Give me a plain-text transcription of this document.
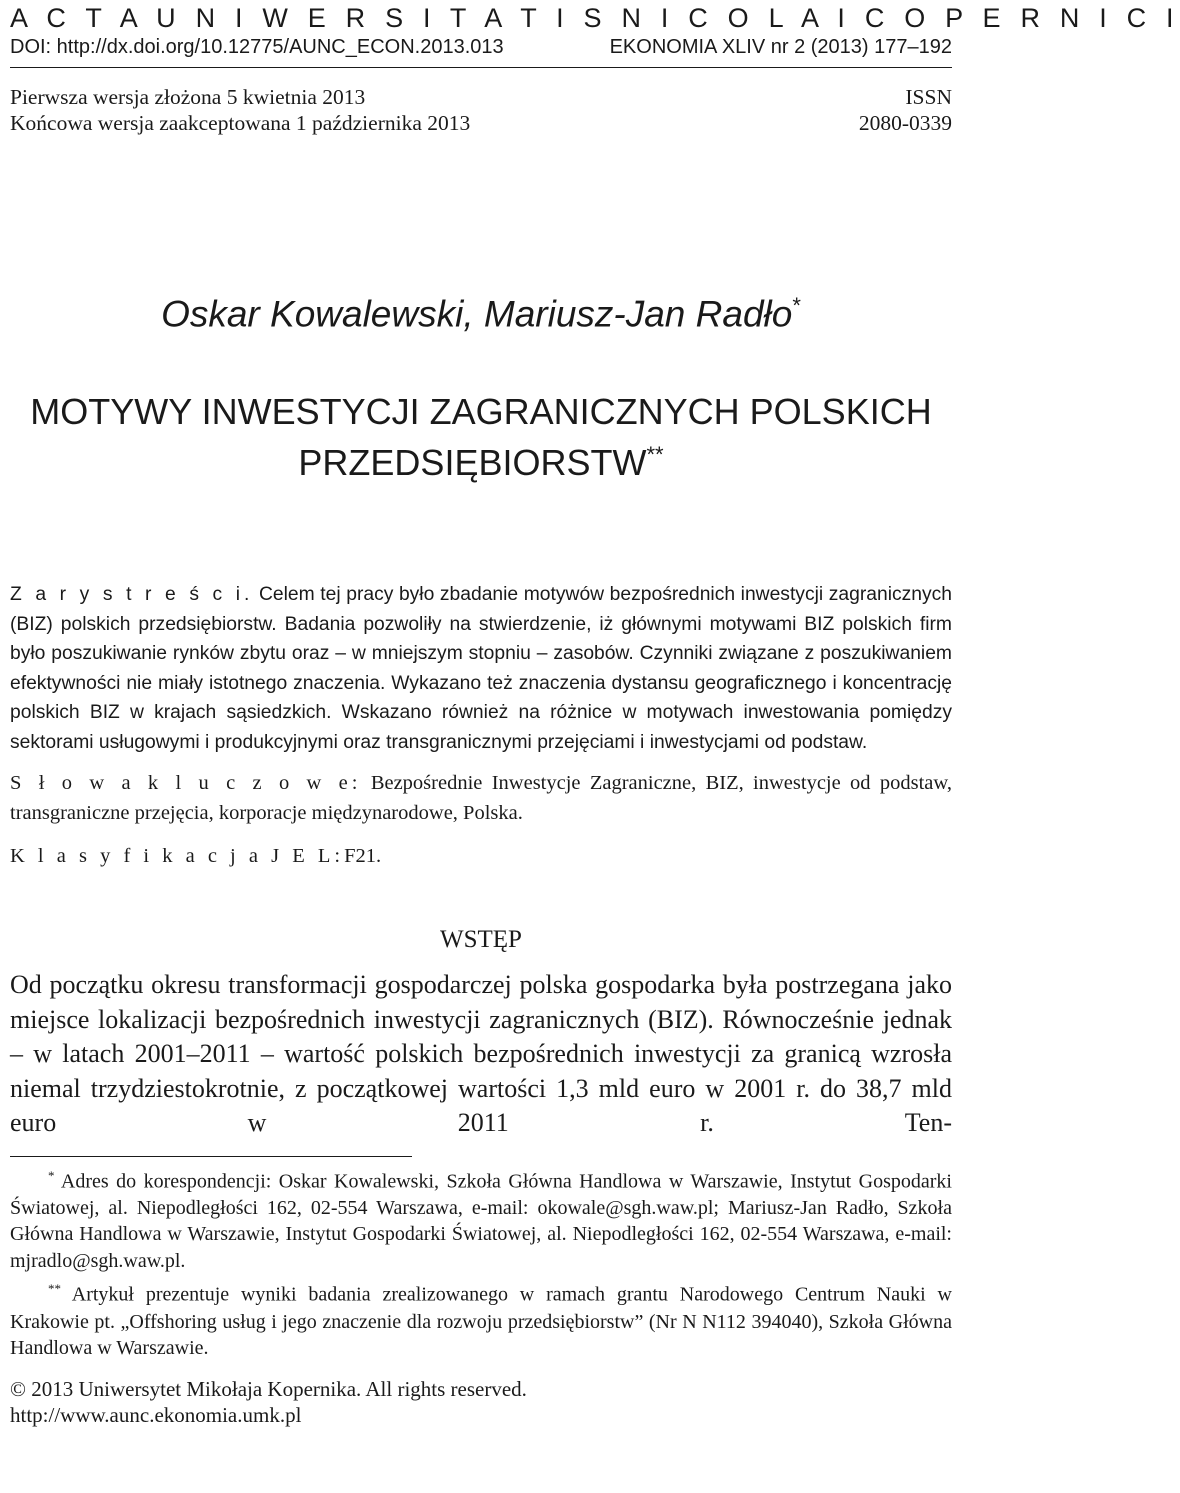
A C T A U N I W E R S I T A T I S N I C O L A I C O P E R N I C I
DOI: http://dx.doi.org/10.12775/AUNC_ECON.2013.013	EKONOMIA XLIV nr 2 (2013) 177–192
Pierwsza wersja złożona 5 kwietnia 2013	ISSN
Końcowa wersja zaakceptowana 1 października 2013	2080-0339
Oskar Kowalewski, Mariusz-Jan Radło*
MOTYWY INWESTYCJI ZAGRANICZNYCH POLSKICH
PRZEDSIĘBIORSTW**
Z a r y s t r e ś c i. Celem tej pracy było zbadanie motywów bezpośrednich inwestycji zagranicznych (BIZ) polskich przedsiębiorstw. Badania pozwoliły na stwierdzenie, iż głównymi motywami BIZ polskich firm było poszukiwanie rynków zbytu oraz – w mniejszym stopniu – zasobów. Czynniki związane z poszukiwaniem efektywności nie miały istotnego znaczenia. Wykazano też znaczenia dystansu geograficznego i koncentrację polskich BIZ w krajach sąsiedzkich. Wskazano również na różnice w motywach inwestowania pomiędzy sektorami usługowymi i produkcyjnymi oraz transgranicznymi przejęciami i inwestycjami od podstaw.
S ł o w a k l u c z o w e: Bezpośrednie Inwestycje Zagraniczne, BIZ, inwestycje od podstaw, transgraniczne przejęcia, korporacje międzynarodowe, Polska.
K l a s y f i k a c j a J E L:F21.
WSTĘP
Od początku okresu transformacji gospodarczej polska gospodarka była postrzegana jako miejsce lokalizacji bezpośrednich inwestycji zagranicznych (BIZ). Równocześnie jednak – w latach 2001–2011 – wartość polskich bezpośrednich inwestycji za granicą wzrosła niemal trzydziestokrotnie, z początkowej wartości 1,3 mld euro w 2001 r. do 38,7 mld euro w 2011 r. Ten-
* Adres do korespondencji: Oskar Kowalewski, Szkoła Główna Handlowa w Warszawie, Instytut Gospodarki Światowej, al. Niepodległości 162, 02-554 Warszawa, e-mail: okowale@sgh.waw.pl; Mariusz-Jan Radło, Szkoła Główna Handlowa w Warszawie, Instytut Gospodarki Światowej, al. Niepodległości 162, 02-554 Warszawa, e-mail: mjradlo@sgh.waw.pl.
** Artykuł prezentuje wyniki badania zrealizowanego w ramach grantu Narodowego Centrum Nauki w Krakowie pt. „Offshoring usług i jego znaczenie dla rozwoju przedsiębiorstw” (Nr N N112 394040), Szkoła Główna Handlowa w Warszawie.
© 2013 Uniwersytet Mikołaja Kopernika. All rights reserved.
http://www.aunc.ekonomia.umk.pl
